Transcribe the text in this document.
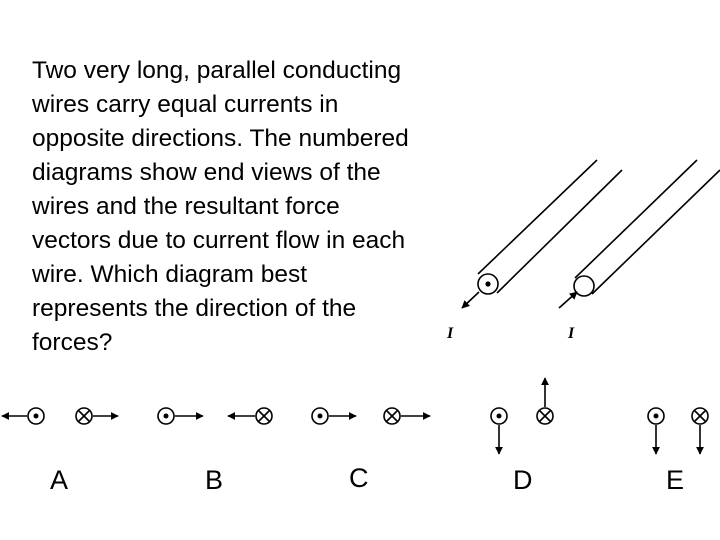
Two very long, parallel conducting
wires carry equal currents in
opposite directions. The numbered
diagrams show end views of the
wires and the resultant force
vectors due to current flow in each
wire. Which diagram best
represents the direction of the
forces?	I	I
A	B	C	D	E
